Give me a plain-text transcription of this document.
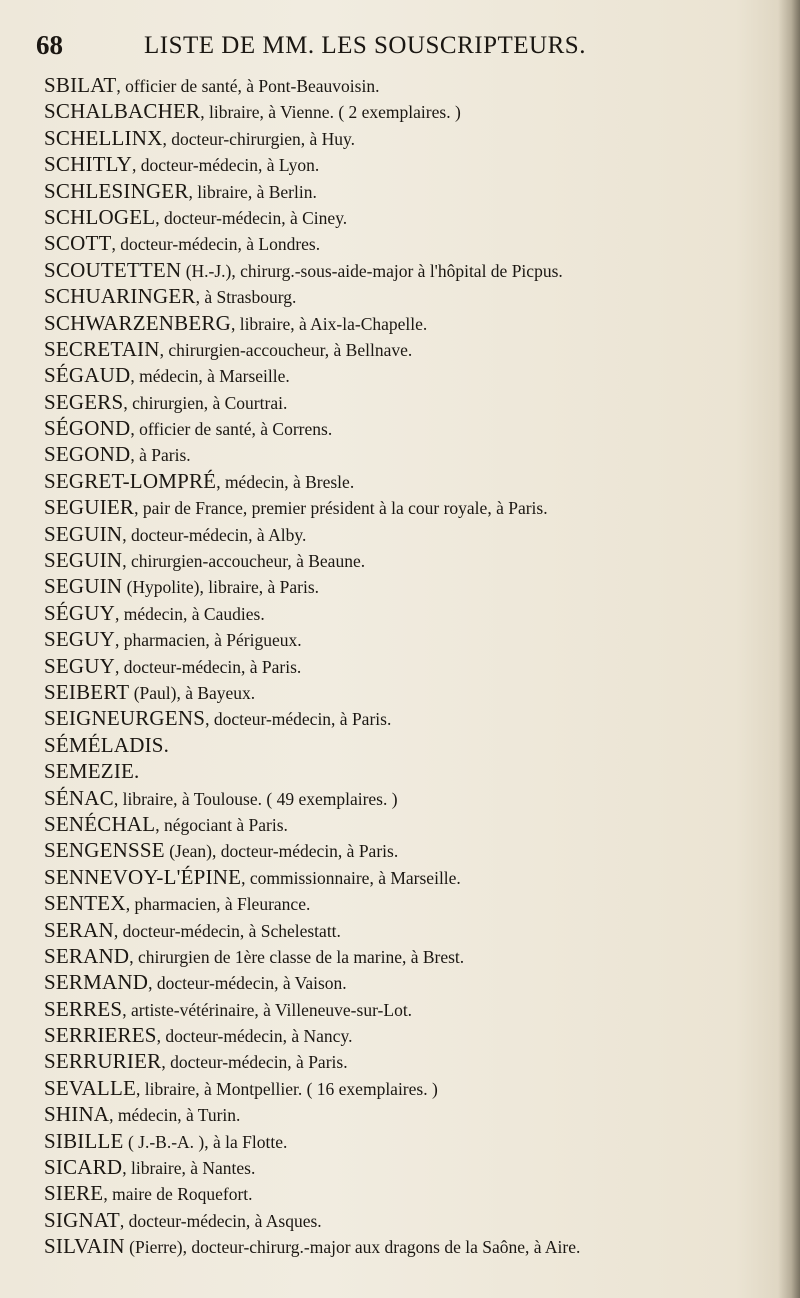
68	LISTE DE MM. LES SOUSCRIPTEURS.
SBILAT, officier de santé, à Pont-Beauvoisin.
SCHALBACHER, libraire, à Vienne. ( 2 exemplaires. )
SCHELLINX, docteur-chirurgien, à Huy.
SCHITLY, docteur-médecin, à Lyon.
SCHLESINGER, libraire, à Berlin.
SCHLOGEL, docteur-médecin, à Ciney.
SCOTT, docteur-médecin, à Londres.
SCOUTETTEN (H.-J.), chirurg.-sous-aide-major à l'hôpital de Picpus.
SCHUARINGER, à Strasbourg.
SCHWARZENBERG, libraire, à Aix-la-Chapelle.
SECRETAIN, chirurgien-accoucheur, à Bellnave.
SÉGAUD, médecin, à Marseille.
SEGERS, chirurgien, à Courtrai.
SÉGOND, officier de santé, à Correns.
SEGOND, à Paris.
SEGRET-LOMPRÉ, médecin, à Bresle.
SEGUIER, pair de France, premier président à la cour royale, à Paris.
SEGUIN, docteur-médecin, à Alby.
SEGUIN, chirurgien-accoucheur, à Beaune.
SEGUIN (Hypolite), libraire, à Paris.
SÉGUY, médecin, à Caudies.
SEGUY, pharmacien, à Périgueux.
SEGUY, docteur-médecin, à Paris.
SEIBERT (Paul), à Bayeux.
SEIGNEURGENS, docteur-médecin, à Paris.
SÉMÉLADIS.
SEMEZIE.
SÉNAC, libraire, à Toulouse. ( 49 exemplaires. )
SENÉCHAL, négociant à Paris.
SENGENSSE (Jean), docteur-médecin, à Paris.
SENNEVOY-L'ÉPINE, commissionnaire, à Marseille.
SENTEX, pharmacien, à Fleurance.
SERAN, docteur-médecin, à Schelestatt.
SERAND, chirurgien de 1ère classe de la marine, à Brest.
SERMAND, docteur-médecin, à Vaison.
SERRES, artiste-vétérinaire, à Villeneuve-sur-Lot.
SERRIERES, docteur-médecin, à Nancy.
SERRURIER, docteur-médecin, à Paris.
SEVALLE, libraire, à Montpellier. ( 16 exemplaires. )
SHINA, médecin, à Turin.
SIBILLE ( J.-B.-A. ), à la Flotte.
SICARD, libraire, à Nantes.
SIERE, maire de Roquefort.
SIGNAT, docteur-médecin, à Asques.
SILVAIN (Pierre), docteur-chirurg.-major aux dragons de la Saône, à Aire.
